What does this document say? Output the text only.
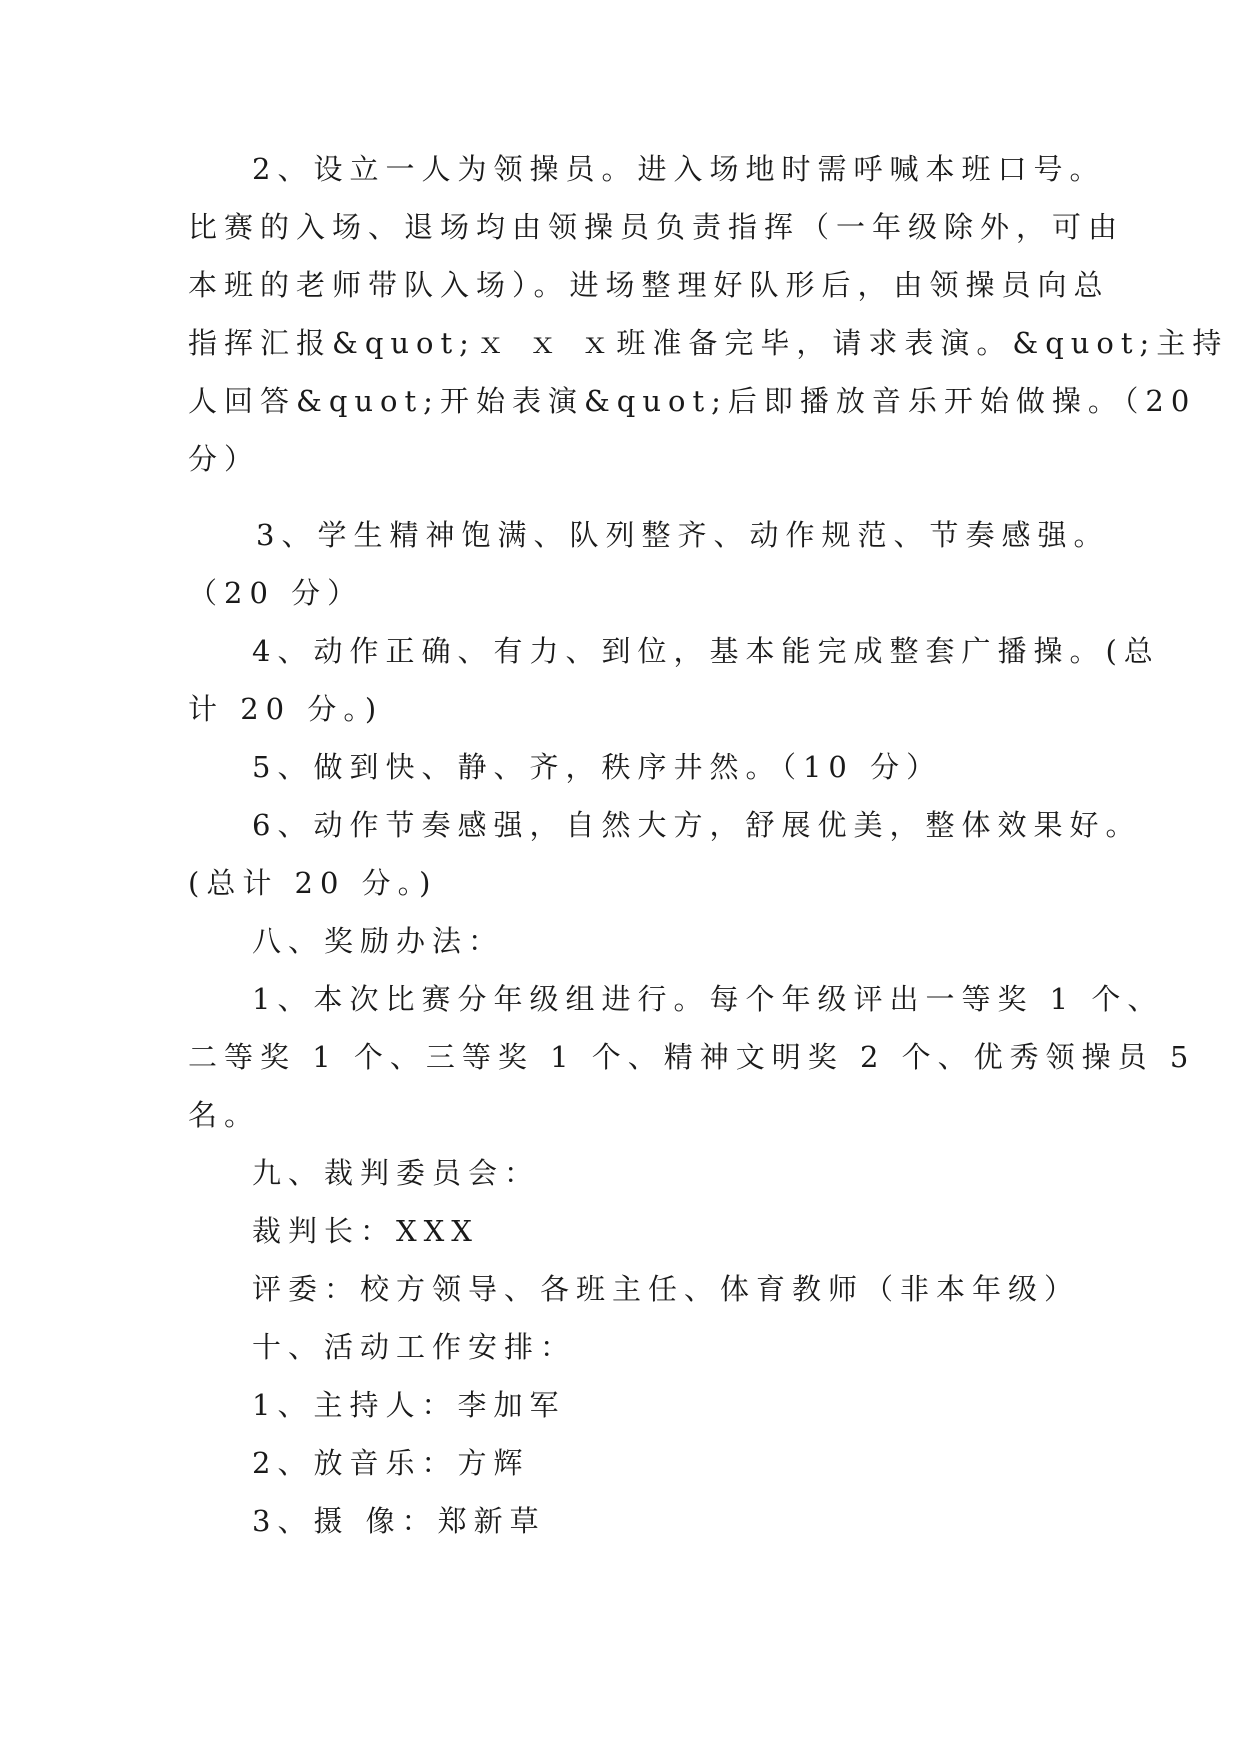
2、设立一人为领操员。进入场地时需呼喊本班口号。
比赛的入场、退场均由领操员负责指挥（一年级除外，可由
本班的老师带队入场）。进场整理好队形后，由领操员向总
指挥汇报&quot;ｘ ｘ ｘ班准备完毕，请求表演。&quot;主持
人回答&quot;开始表演&quot;后即播放音乐开始做操。（20
分）
3、学生精神饱满、队列整齐、动作规范、节奏感强。
（20 分）
4、动作正确、有力、到位，基本能完成整套广播操。(总
计 20 分。)
5、做到快、静、齐，秩序井然。（10 分）
6、动作节奏感强，自然大方，舒展优美，整体效果好。
(总计 20 分。)
八、奖励办法：
1、本次比赛分年级组进行。每个年级评出一等奖 1 个、
二等奖 1 个、三等奖 1 个、精神文明奖 2 个、优秀领操员 5
名。
九、裁判委员会：
裁判长：XXX
评委：校方领导、各班主任、体育教师（非本年级）
十、活动工作安排：
1、主持人：李加军
2、放音乐：方辉
3、摄 像：郑新草
